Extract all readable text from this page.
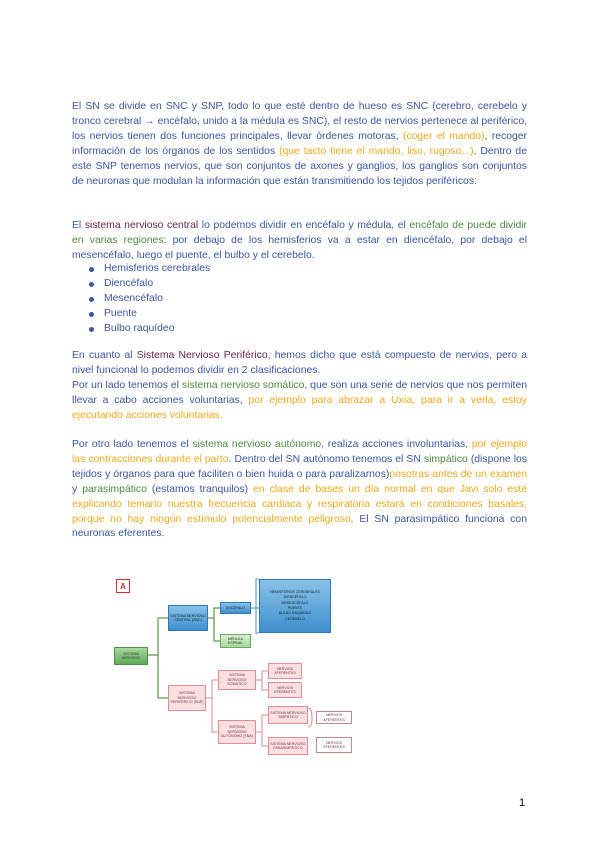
El SN se divide en SNC y SNP, todo lo que esté dentro de hueso es SNC (cerebro, cerebelo y tronco cerebral → encéfalo, unido a la médula es SNC), el resto de nervios pertenece al periférico, los nervios tienen dos funciones principales, llevar órdenes motoras, (coger el mando), recoger información de los órganos de los sentidos (que tacto tiene el mando, liso, rugoso...). Dentro de este SNP tenemos nervios, que son conjuntos de axones y ganglios, los ganglios son conjuntos de neuronas que modulan la información que están transmitiendo los tejidos periféricos.

El sistema nervioso central lo podemos dividir en encéfalo y médula, el encéfalo de puede dividir en varias regiones: por debajo de los hemisferios va a estar en diencéfalo, por debajo el mesencéfalo, luego el puente, el bulbo y el cerebelo.

Hemisferios cerebrales
Diencéfalo
Mesencéfalo
Puente
Bulbo raquídeo

En cuanto al Sistema Nervioso Periférico, hemos dicho que está compuesto de nervios, pero a nivel funcional lo podemos dividir en 2 clasificaciones.

Por un lado tenemos el sistema nervioso somático, que son una serie de nervios que nos permiten llevar a cabo acciones voluntarias, por ejemplo para abrazar a Uxía, para ir a verla, estoy ejecutando acciones voluntarias.

Por otro lado tenemos el sistema nervioso autónomo, realiza acciones involuntarias, por ejemplo las contracciones durante el parto. Dentro del SN autónomo tenemos el SN simpático (dispone los tejidos y órganos para que faciliten o bien huida o para paralizarnos)nosotras antes de un examen y parasimpático (estamos tranquilos) en clase de bases un día normal en que Javi solo esté explicando temario nuestra frecuencia cardiaca y respiratoria estará en condiciones basales, porque no hay ningún estímulo potencialmente peligroso. El SN parasimpático funciona con neuronas eferentes.

A
SISTEMA NERVIOSO
SISTEMA NERVIOSO CENTRAL (SNC)
ENCÉFALO
MÉDULA ESPINAL
HEMISFERIOS CEREBRALES
DIENCÉFALO
MESENCÉFALO
PUENTE
BULBO RAQUÍDEO
CEREBELO
SISTEMA NERVIOSO PERIFÉRICO (SNP)
SISTEMA NERVIOSO SOMÁTICO
NERVIOS AFERENTES
NERVIOS EFERENTES
SISTEMA NERVIOSO AUTÓNOMO (SNA)
SISTEMA NERVIOSO SIMPÁTICO
SISTEMA NERVIOSO PARASIMPÁTICO
NERVIOS AFERENTES
NERVIOS EFERENTES
1
